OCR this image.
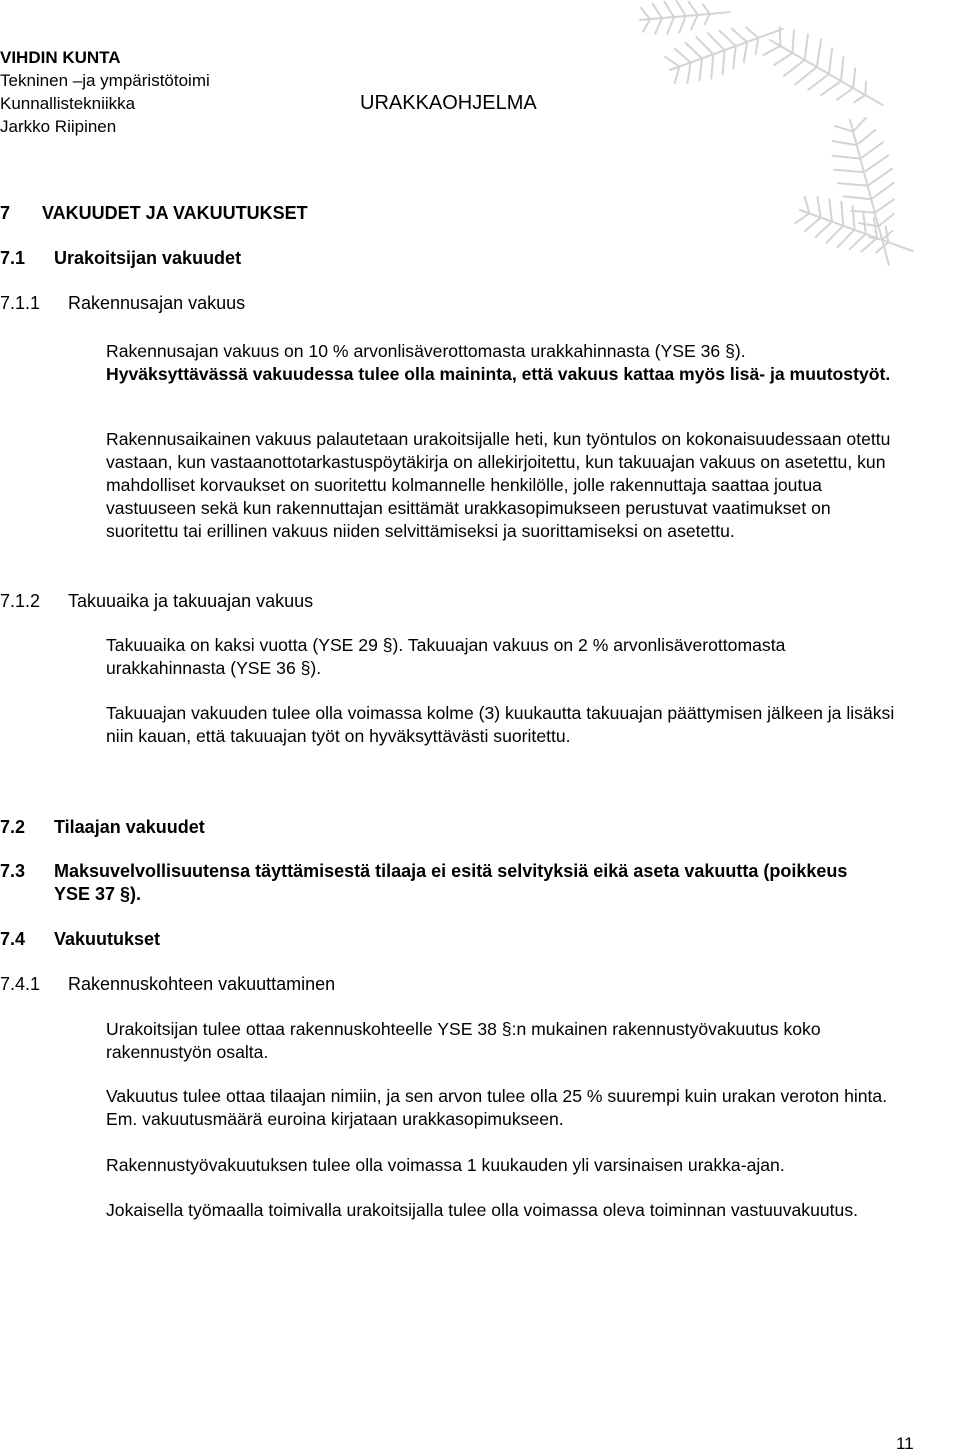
VIHDIN KUNTA
Tekninen –ja ympäristötoimi
Kunnallistekniikka
Jarkko Riipinen
URAKKAOHJELMA
7 VAKUUDET JA VAKUUTUKSET
7.1 Urakoitsijan vakuudet
7.1.1 Rakennusajan vakuus

Rakennusajan vakuus on 10 % arvonlisäverottomasta urakkahinnasta (YSE 36 §).

Hyväksyttävässä vakuudessa tulee olla maininta, että vakuus kattaa myös lisä- ja muutostyöt.

Rakennusaikainen vakuus palautetaan urakoitsijalle heti, kun työntulos on kokonaisuudessaan otettu vastaan, kun vastaanottotarkastuspöytäkirja on allekirjoitettu, kun takuuajan vakuus on asetettu, kun mahdolliset korvaukset on suoritettu kolmannelle henkilölle, jolle rakennuttaja saattaa joutua vastuuseen sekä kun rakennuttajan esittämät urakkasopimukseen perustuvat vaatimukset on suoritettu tai erillinen vakuus niiden selvittämiseksi ja suorittamiseksi on asetettu.
7.1.2 Takuuaika ja takuuajan vakuus
Takuuaika on kaksi vuotta (YSE 29 §). Takuuajan vakuus on 2 % arvonlisäverottomasta urakkahinnasta (YSE 36 §).
Takuuajan vakuuden tulee olla voimassa kolme (3) kuukautta takuuajan päättymisen jälkeen ja lisäksi niin kauan, että takuuajan työt on hyväksyttävästi suoritettu.
7.2 Tilaajan vakuudet
7.3	Maksuvelvollisuutensa täyttämisestä tilaaja ei esitä selvityksiä eikä aseta vakuutta (poikkeus YSE 37 §).
7.4 Vakuutukset
7.4.1 Rakennuskohteen vakuuttaminen
Urakoitsijan tulee ottaa rakennuskohteelle YSE 38 §:n mukainen rakennustyövakuutus koko rakennustyön osalta.
Vakuutus tulee ottaa tilaajan nimiin, ja sen arvon tulee olla 25 % suurempi kuin urakan veroton hinta. Em. vakuutusmäärä euroina kirjataan urakkasopimukseen.
Rakennustyövakuutuksen tulee olla voimassa 1 kuukauden yli varsinaisen urakka-ajan.
Jokaisella työmaalla toimivalla urakoitsijalla tulee olla voimassa oleva toiminnan vastuuvakuutus.
11
